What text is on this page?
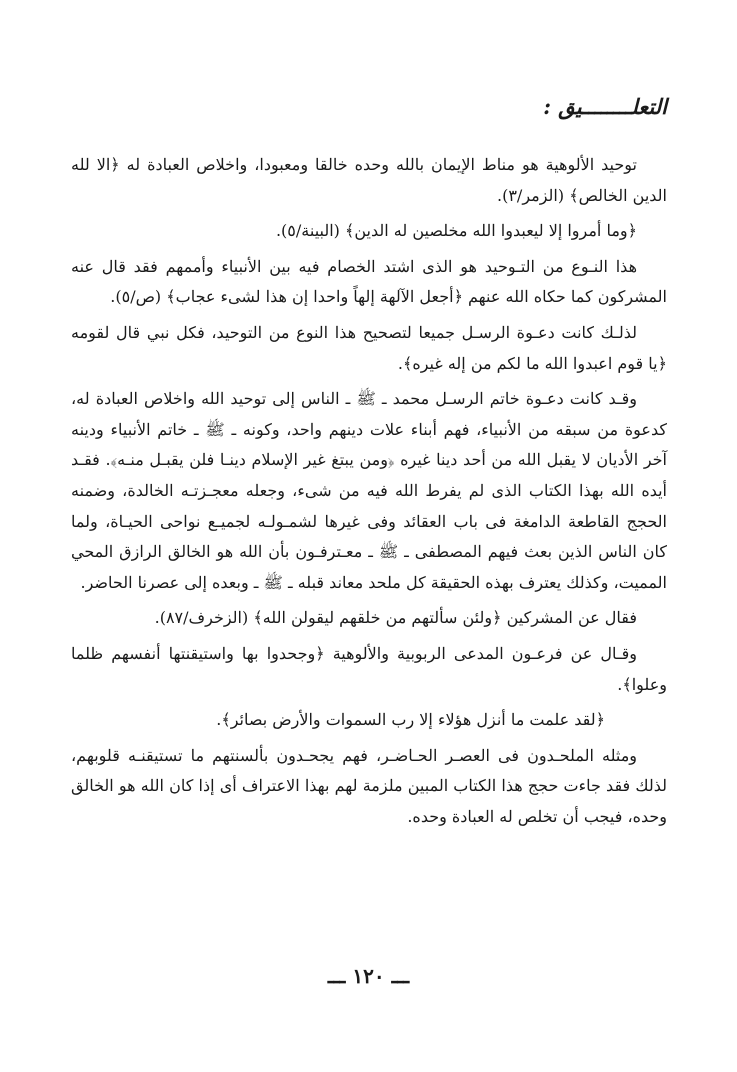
التعلــــــــيق :

توحيد الألوهية هو مناط الإيمان بالله وحده خالقا ومعبودا، واخلاص العبادة له ﴿الا لله الدين الخالص﴾ (الزمر/٣).

﴿وما أمروا إلا ليعبدوا الله مخلصين له الدين﴾ (البينة/٥).

هذا النـوع من التـوحيد هو الذى اشتد الخصام فيه بين الأنبياء وأممهم فقد قال عنه المشركون كما حكاه الله عنهم ﴿أجعل الآلهة إلهاً واحدا إن هذا لشىء عجاب﴾ (ص/٥).

لذلـك كانت دعـوة الرسـل جميعا لتصحيح هذا النوع من التوحيد، فكل نبي قال لقومه ﴿يا قوم اعبدوا الله ما لكم من إله غيره﴾.

وقـد كانت دعـوة خاتم الرسـل محمد ـ ﷺ ـ الناس إلى توحيد الله واخلاص العبادة له، كدعوة من سبقه من الأنبياء، فهم أبناء علات دينهم واحد، وكونه ـ ﷺ ـ خاتم الأنبياء ودينه آخر الأديان لا يقبل الله من أحد دينا غيره ﴿ومن يبتغ غير الإسلام دينـا فلن يقبـل منـه﴾. فقـد أيده الله بهذا الكتاب الذى لم يفرط الله فيه من شىء، وجعله معجـزتـه الخالدة، وضمنه الحجج القاطعة الدامغة فى باب العقائد وفى غيرها لشمـولـه لجميـع نواحى الحيـاة، ولما كان الناس الذين بعث فيهم المصطفى ـ ﷺ ـ معـترفـون بأن الله هو الخالق الرازق المحي المميت، وكذلك يعترف بهذه الحقيقة كل ملحد معاند قبله ـ ﷺ ـ وبعده إلى عصرنا الحاضر.

فقال عن المشركين ﴿ولئن سألتهم من خلقهم ليقولن الله﴾ (الزخرف/٨٧).

وقـال عن فرعـون المدعى الربوبية والألوهية ﴿وجحدوا بها واستيقنتها أنفسهم ظلما وعلوا﴾.

﴿لقد علمت ما أنزل هؤلاء إلا رب السموات والأرض بصائر﴾.

ومثله الملحـدون فى العصـر الحـاضـر، فهم يجحـدون بألسنتهم ما تستيقنـه قلوبهم، لذلك فقد جاءت حجج هذا الكتاب المبين ملزمة لهم بهذا الاعتراف أى إذا كان الله هو الخالق وحده، فيجب أن تخلص له العبادة وحده.

ـــ ١٢٠ ـــ
